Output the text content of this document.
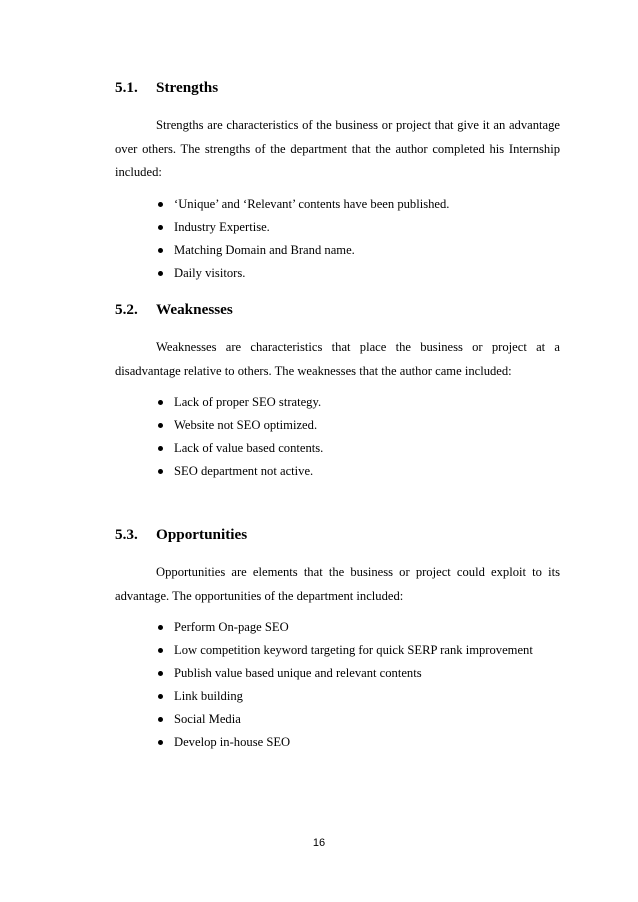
5.1. Strengths

Strengths are characteristics of the business or project that give it an advantage over others. The strengths of the department that the author completed his Internship included:

‘Unique’ and ‘Relevant’ contents have been published.
Industry Expertise.
Matching Domain and Brand name.
Daily visitors.
5.2. Weaknesses

Weaknesses are characteristics that place the business or project at a disadvantage relative to others. The weaknesses that the author came included:

Lack of proper SEO strategy.
Website not SEO optimized.
Lack of value based contents.
SEO department not active.
5.3. Opportunities

Opportunities are elements that the business or project could exploit to its advantage. The opportunities of the department included:

Perform On-page SEO
Low competition keyword targeting for quick SERP rank improvement
Publish value based unique and relevant contents
Link building
Social Media
Develop in-house SEO
16
